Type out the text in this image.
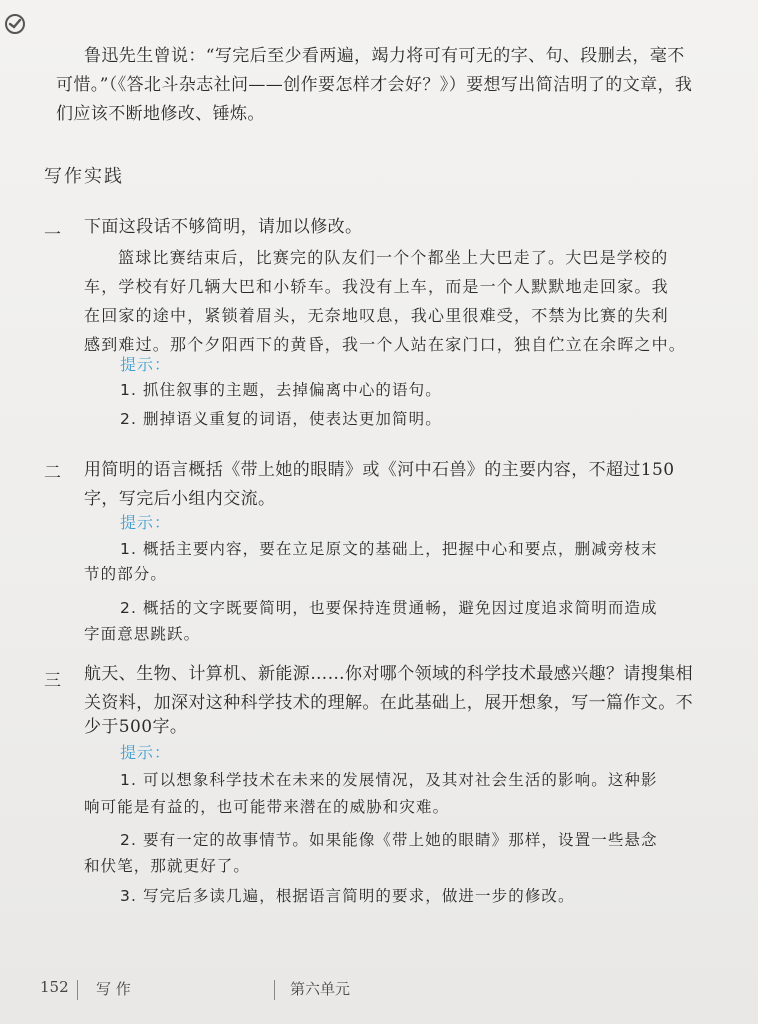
鲁迅先生曾说：“写完后至少看两遍，竭力将可有可无的字、句、段删去，毫不
可惜。”（《答北斗杂志社问——创作要怎样才会好？》）要想写出简洁明了的文章，我
们应该不断地修改、锤炼。
写作实践
一 下面这段话不够简明，请加以修改。
篮球比赛结束后，比赛完的队友们一个个都坐上大巴走了。大巴是学校的
车，学校有好几辆大巴和小轿车。我没有上车，而是一个人默默地走回家。我
在回家的途中，紧锁着眉头，无奈地叹息，我心里很难受，不禁为比赛的失利
感到难过。那个夕阳西下的黄昏，我一个人站在家门口，独自伫立在余晖之中。
提示：
1. 抓住叙事的主题，去掉偏离中心的语句。
2. 删掉语义重复的词语，使表达更加简明。
二 用简明的语言概括《带上她的眼睛》或《河中石兽》的主要内容，不超过150
字，写完后小组内交流。
提示：
1. 概括主要内容，要在立足原文的基础上，把握中心和要点，删减旁枝末
节的部分。
2. 概括的文字既要简明，也要保持连贯通畅，避免因过度追求简明而造成
字面意思跳跃。
三 航天、生物、计算机、新能源……你对哪个领域的科学技术最感兴趣？请搜集相
关资料，加深对这种科学技术的理解。在此基础上，展开想象，写一篇作文。不
少于500字。
提示：
1. 可以想象科学技术在未来的发展情况，及其对社会生活的影响。这种影
响可能是有益的，也可能带来潜在的威胁和灾难。
2. 要有一定的故事情节。如果能像《带上她的眼睛》那样，设置一些悬念
和伏笔，那就更好了。
3. 写完后多读几遍，根据语言简明的要求，做进一步的修改。
152 写 作	第六单元
